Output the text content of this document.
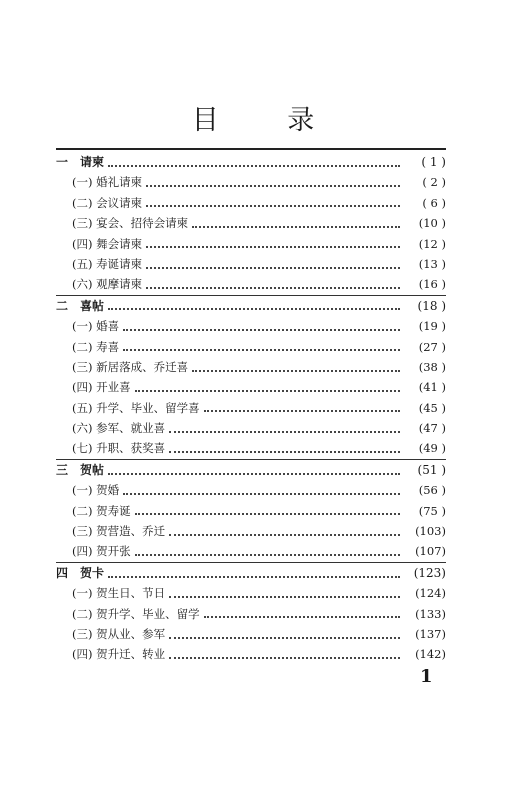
目 录
一 请柬	( 1 )
(一) 婚礼请柬	( 2 )
(二) 会议请柬	( 6 )
(三) 宴会、招待会请柬	(10 )
(四) 舞会请柬	(12 )
(五) 寿诞请柬	(13 )
(六) 观摩请柬	(16 )
二 喜帖	(18 )
(一) 婚喜	(19 )
(二) 寿喜	(27 )
(三) 新居落成、乔迁喜	(38 )
(四) 开业喜	(41 )
(五) 升学、毕业、留学喜	(45 )
(六) 参军、就业喜	(47 )
(七) 升职、获奖喜	(49 )
三 贺帖	(51 )
(一) 贺婚	(56 )
(二) 贺寿诞	(75 )
(三) 贺营造、乔迁	(103)
(四) 贺开张	(107)
四 贺卡	(123)
(一) 贺生日、节日	(124)
(二) 贺升学、毕业、留学	(133)
(三) 贺从业、参军	(137)
(四) 贺升迁、转业	(142)
1
